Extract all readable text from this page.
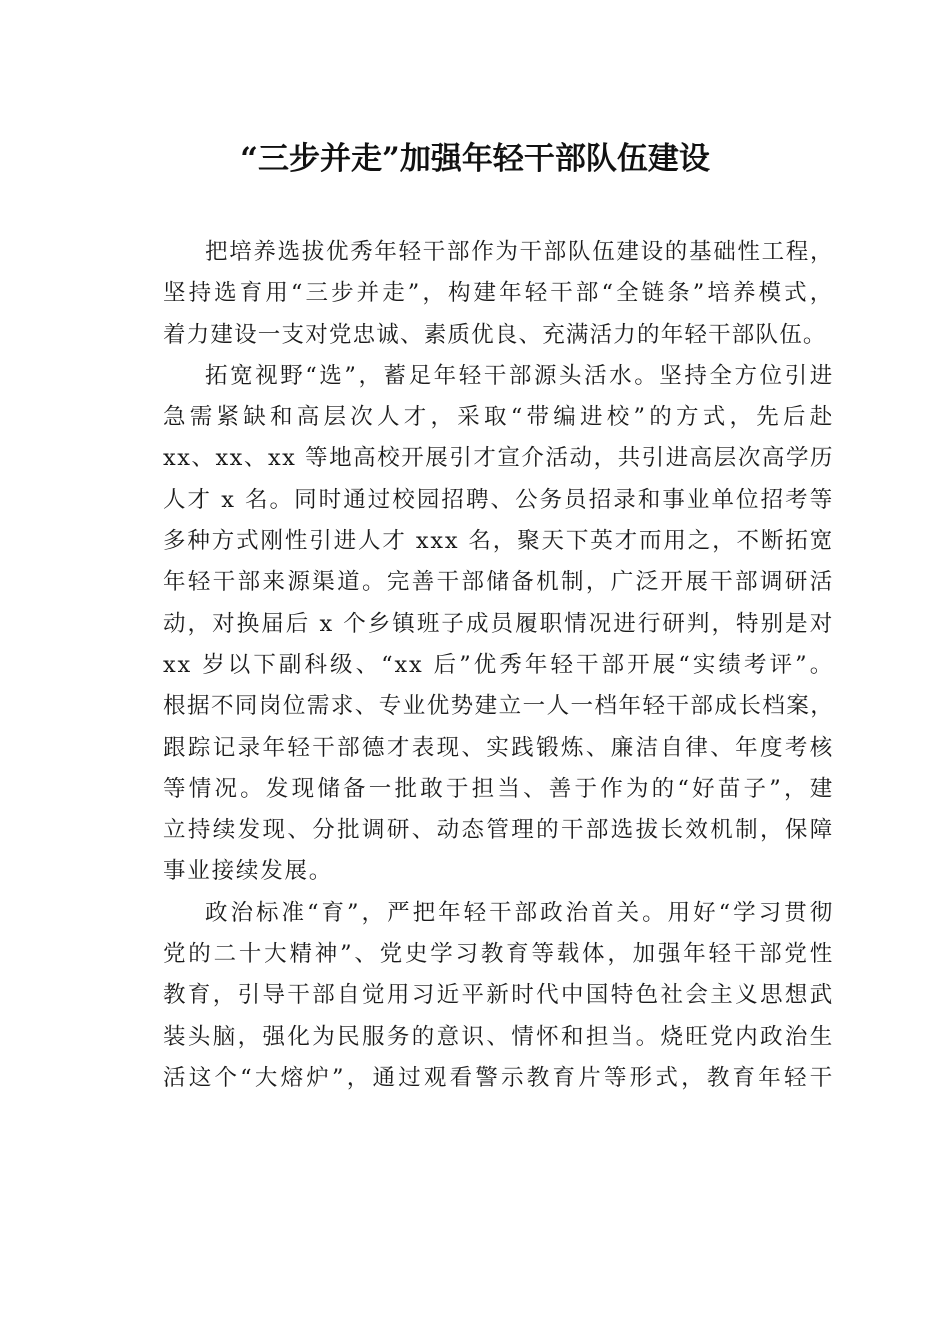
“三步并走”加强年轻干部队伍建设
把培养选拔优秀年轻干部作为干部队伍建设的基础性工程，
坚持选育用“三步并走”，构建年轻干部“全链条”培养模式，
着力建设一支对党忠诚、素质优良、充满活力的年轻干部队伍。
拓宽视野“选”，蓄足年轻干部源头活水。坚持全方位引进
急需紧缺和高层次人才，采取“带编进校”的方式，先后赴
xx、xx、xx 等地高校开展引才宣介活动，共引进高层次高学历
人才 x 名。同时通过校园招聘、公务员招录和事业单位招考等
多种方式刚性引进人才 xxx 名，聚天下英才而用之，不断拓宽
年轻干部来源渠道。完善干部储备机制，广泛开展干部调研活
动，对换届后 x 个乡镇班子成员履职情况进行研判，特别是对
xx 岁以下副科级、“xx 后”优秀年轻干部开展“实绩考评”。
根据不同岗位需求、专业优势建立一人一档年轻干部成长档案，
跟踪记录年轻干部德才表现、实践锻炼、廉洁自律、年度考核
等情况。发现储备一批敢于担当、善于作为的“好苗子”，建
立持续发现、分批调研、动态管理的干部选拔长效机制，保障
事业接续发展。
政治标准“育”，严把年轻干部政治首关。用好“学习贯彻
党的二十大精神”、党史学习教育等载体，加强年轻干部党性
教育，引导干部自觉用习近平新时代中国特色社会主义思想武
装头脑，强化为民服务的意识、情怀和担当。烧旺党内政治生
活这个“大熔炉”，通过观看警示教育片等形式，教育年轻干
